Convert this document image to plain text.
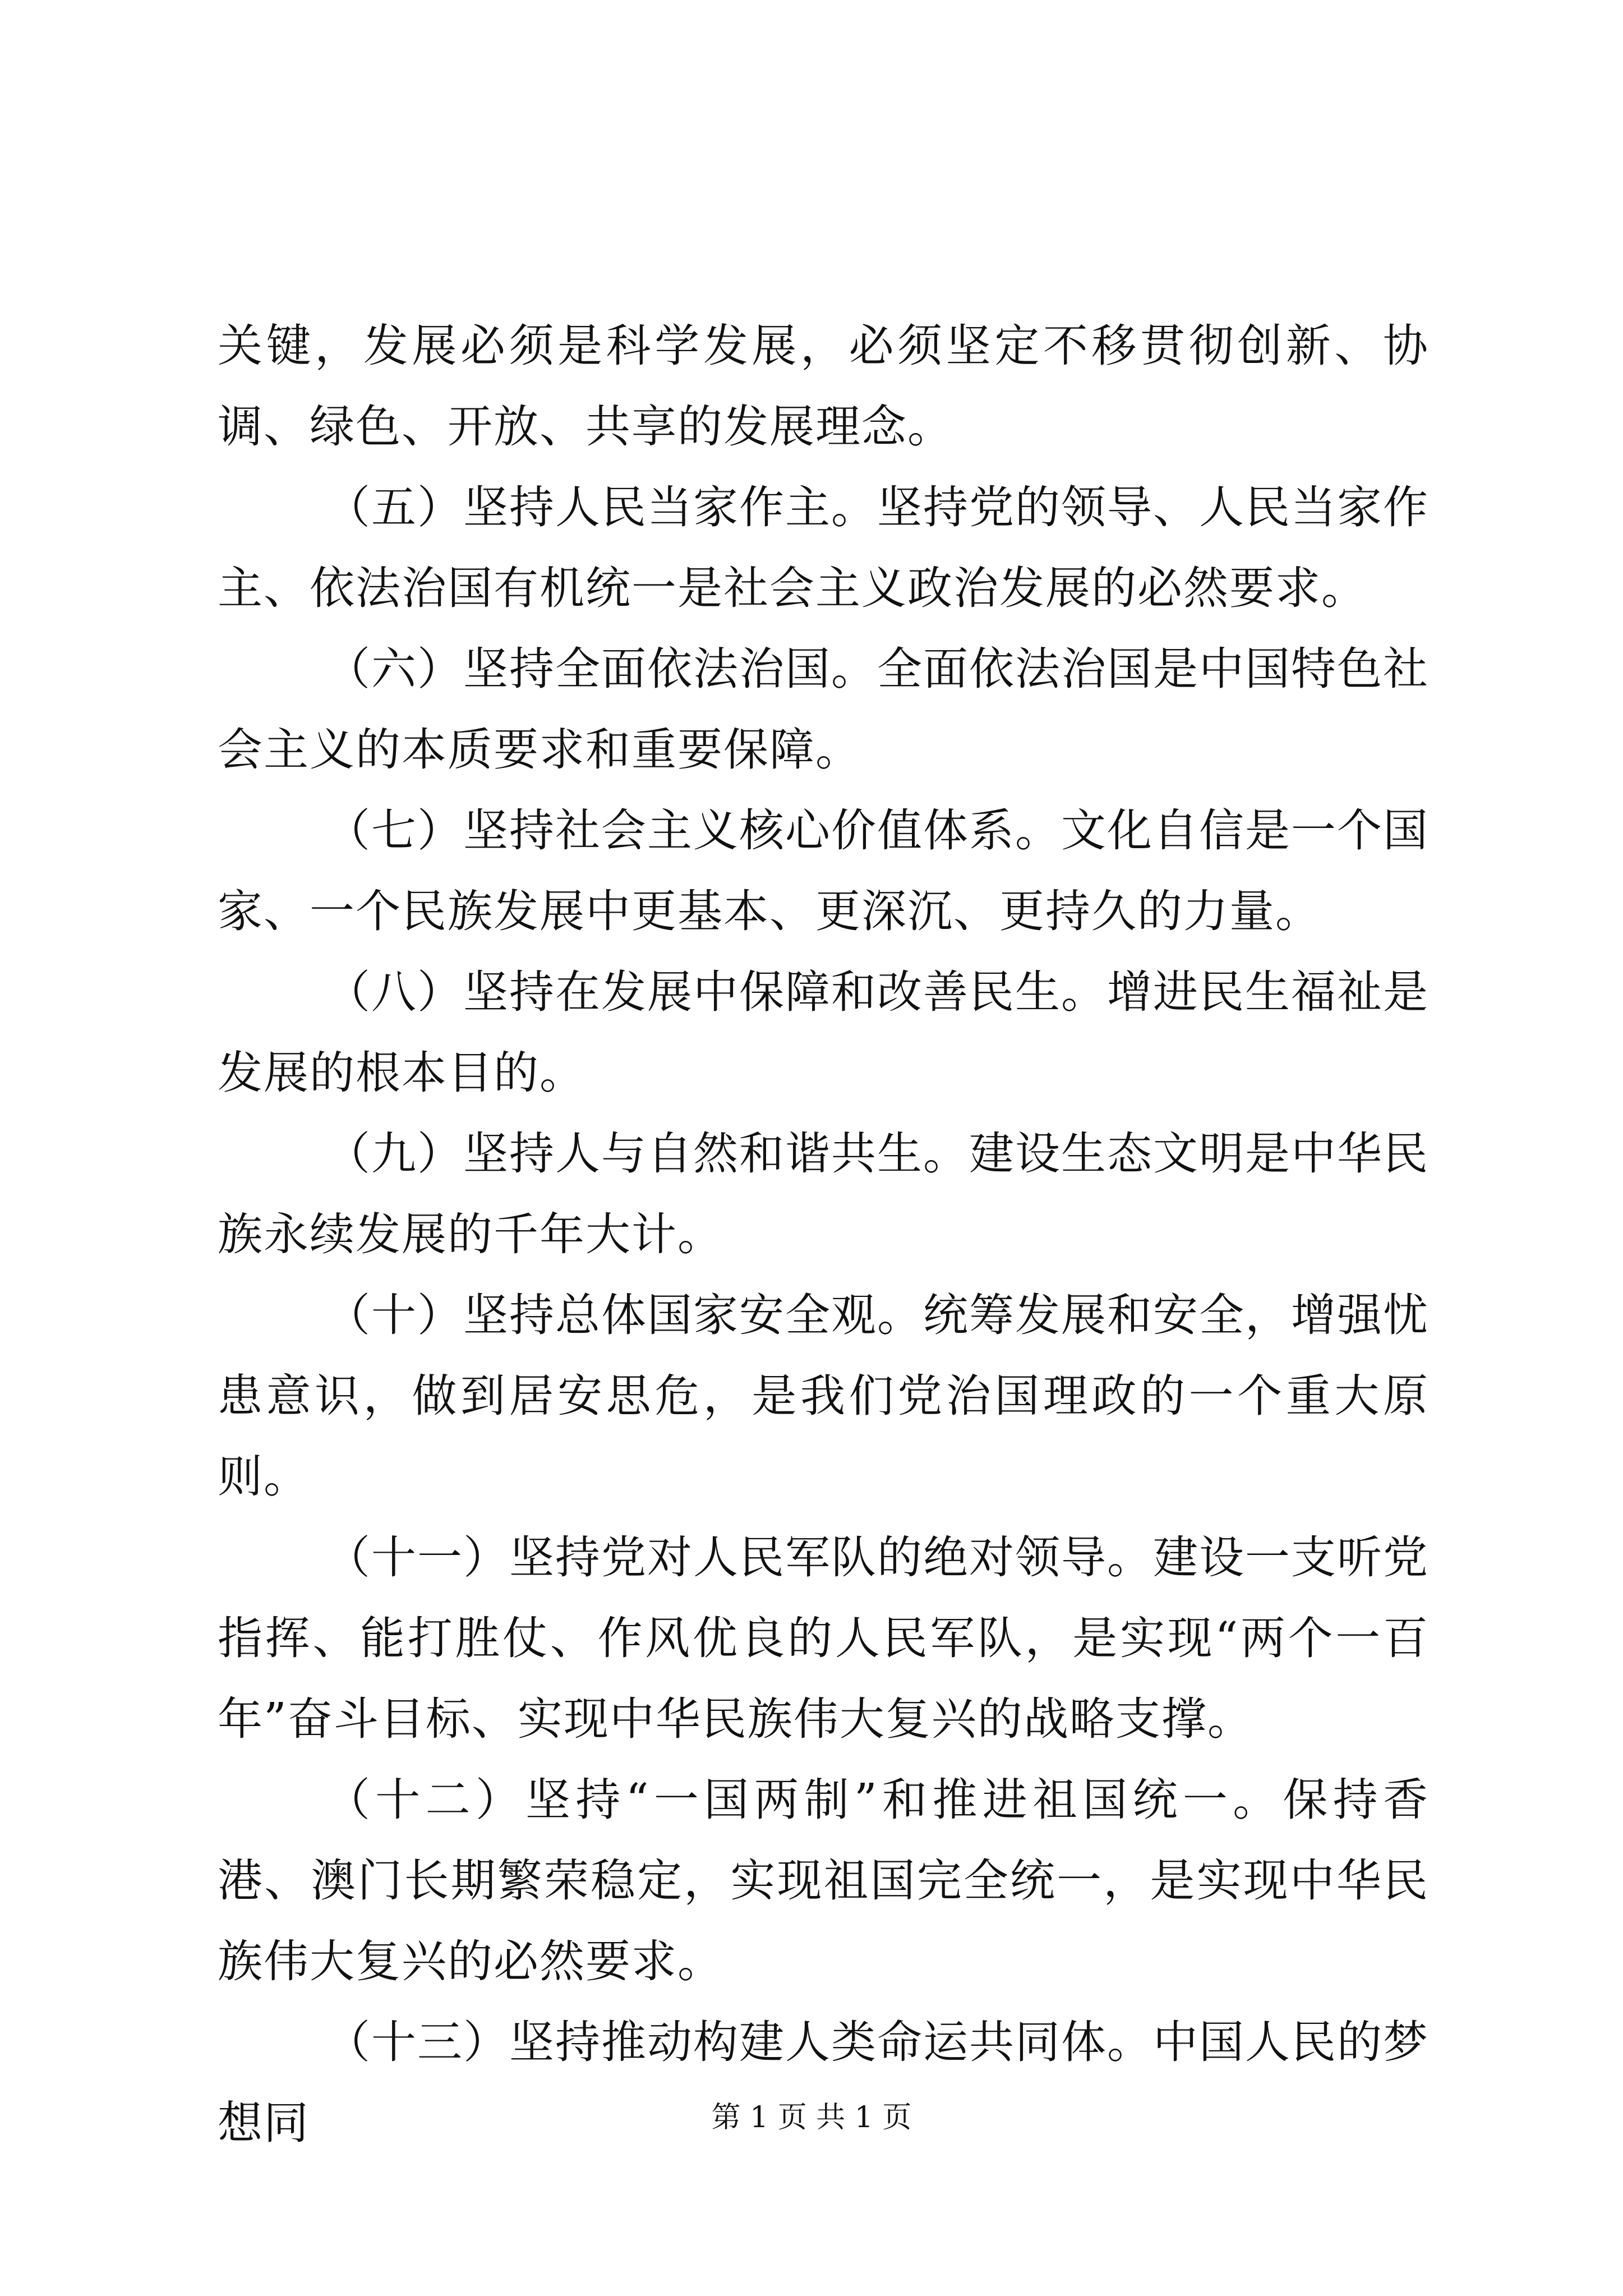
关键，发展必须是科学发展，必须坚定不移贯彻创新、协调、绿色、开放、共享的发展理念。

（五）坚持人民当家作主。坚持党的领导、人民当家作主、依法治国有机统一是社会主义政治发展的必然要求。

（六）坚持全面依法治国。全面依法治国是中国特色社会主义的本质要求和重要保障。

（七）坚持社会主义核心价值体系。文化自信是一个国家、一个民族发展中更基本、更深沉、更持久的力量。

（八）坚持在发展中保障和改善民生。增进民生福祉是发展的根本目的。

（九）坚持人与自然和谐共生。建设生态文明是中华民族永续发展的千年大计。

（十）坚持总体国家安全观。统筹发展和安全，增强忧患意识，做到居安思危，是我们党治国理政的一个重大原则。

（十一）坚持党对人民军队的绝对领导。建设一支听党指挥、能打胜仗、作风优良的人民军队，是实现“两个一百年”奋斗目标、实现中华民族伟大复兴的战略支撑。

（十二）坚持“一国两制”和推进祖国统一。保持香港、澳门长期繁荣稳定，实现祖国完全统一，是实现中华民族伟大复兴的必然要求。

（十三）坚持推动构建人类命运共同体。中国人民的梦想同	第 1 页 共 1 页
